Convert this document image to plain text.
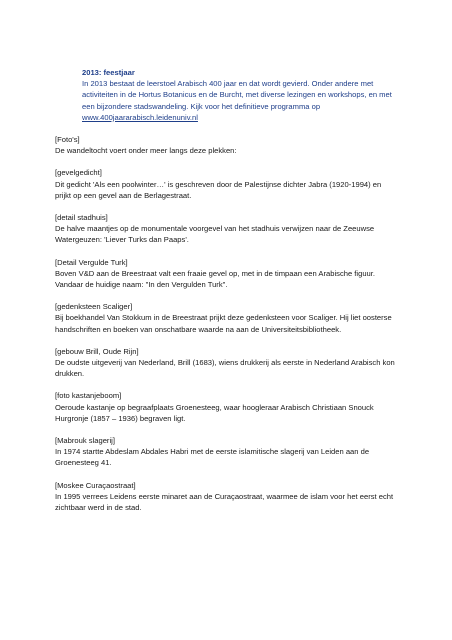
2013: feestjaar
In 2013 bestaat de leerstoel Arabisch 400 jaar en dat wordt gevierd. Onder andere met
activiteiten in de Hortus Botanicus en de Burcht, met diverse lezingen en workshops, en met
een bijzondere stadswandeling. Kijk voor het definitieve programma op
www.400jaararabisch.leidenuniv.nl
[Foto's]
De wandeltocht voert onder meer langs deze plekken:
[gevelgedicht]
Dit gedicht 'Als een poolwinter…' is geschreven door de Palestijnse dichter Jabra (1920-1994) en
prijkt op een gevel aan de Berlagestraat.
[detail stadhuis]
De halve maantjes op de monumentale voorgevel van het stadhuis verwijzen naar de Zeeuwse
Watergeuzen: 'Liever Turks dan Paaps'.
[Detail Vergulde Turk]
Boven V&D aan de Breestraat valt een fraaie gevel op, met in de timpaan een Arabische figuur.
Vandaar de huidige naam: "In den Vergulden Turk".
[gedenksteen Scaliger]
Bij boekhandel Van Stokkum in de Breestraat prijkt deze gedenksteen voor Scaliger. Hij liet oosterse
handschriften en boeken van onschatbare waarde na aan de Universiteitsbibliotheek.
[gebouw Brill, Oude Rijn]
De oudste uitgeverij van Nederland, Brill (1683), wiens drukkerij als eerste in Nederland Arabisch kon
drukken.
[foto kastanjeboom]
Oeroude kastanje op begraafplaats Groenesteeg, waar hoogleraar Arabisch Christiaan Snouck
Hurgronje (1857 – 1936) begraven ligt.
[Mabrouk slagerij]
In 1974 startte Abdeslam Abdales Habri met de eerste islamitische slagerij van Leiden aan de
Groenesteeg 41.
[Moskee Curaçaostraat]
In 1995 verrees Leidens eerste minaret aan de Curaçaostraat, waarmee de islam voor het eerst echt
zichtbaar werd in de stad.
